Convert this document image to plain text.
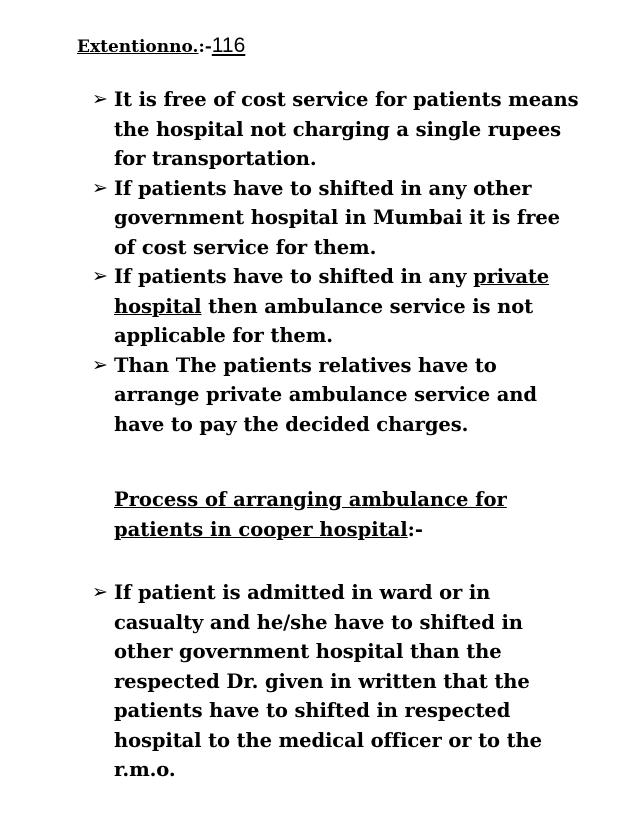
Extentionno.:-116
➢ It is free of cost service for patients means
the hospital not charging a single rupees
for transportation.
➢ If patients have to shifted in any other
government hospital in Mumbai it is free
of cost service for them.
➢ If patients have to shifted in any private
hospital then ambulance service is not
applicable for them.
➢ Than The patients relatives have to
arrange private ambulance service and
have to pay the decided charges.
Process of arranging ambulance for
patients in cooper hospital:-
➢ If patient is admitted in ward or in
casualty and he/she have to shifted in
other government hospital than the
respected Dr. given in written that the
patients have to shifted in respected
hospital to the medical officer or to the
r.m.o.
